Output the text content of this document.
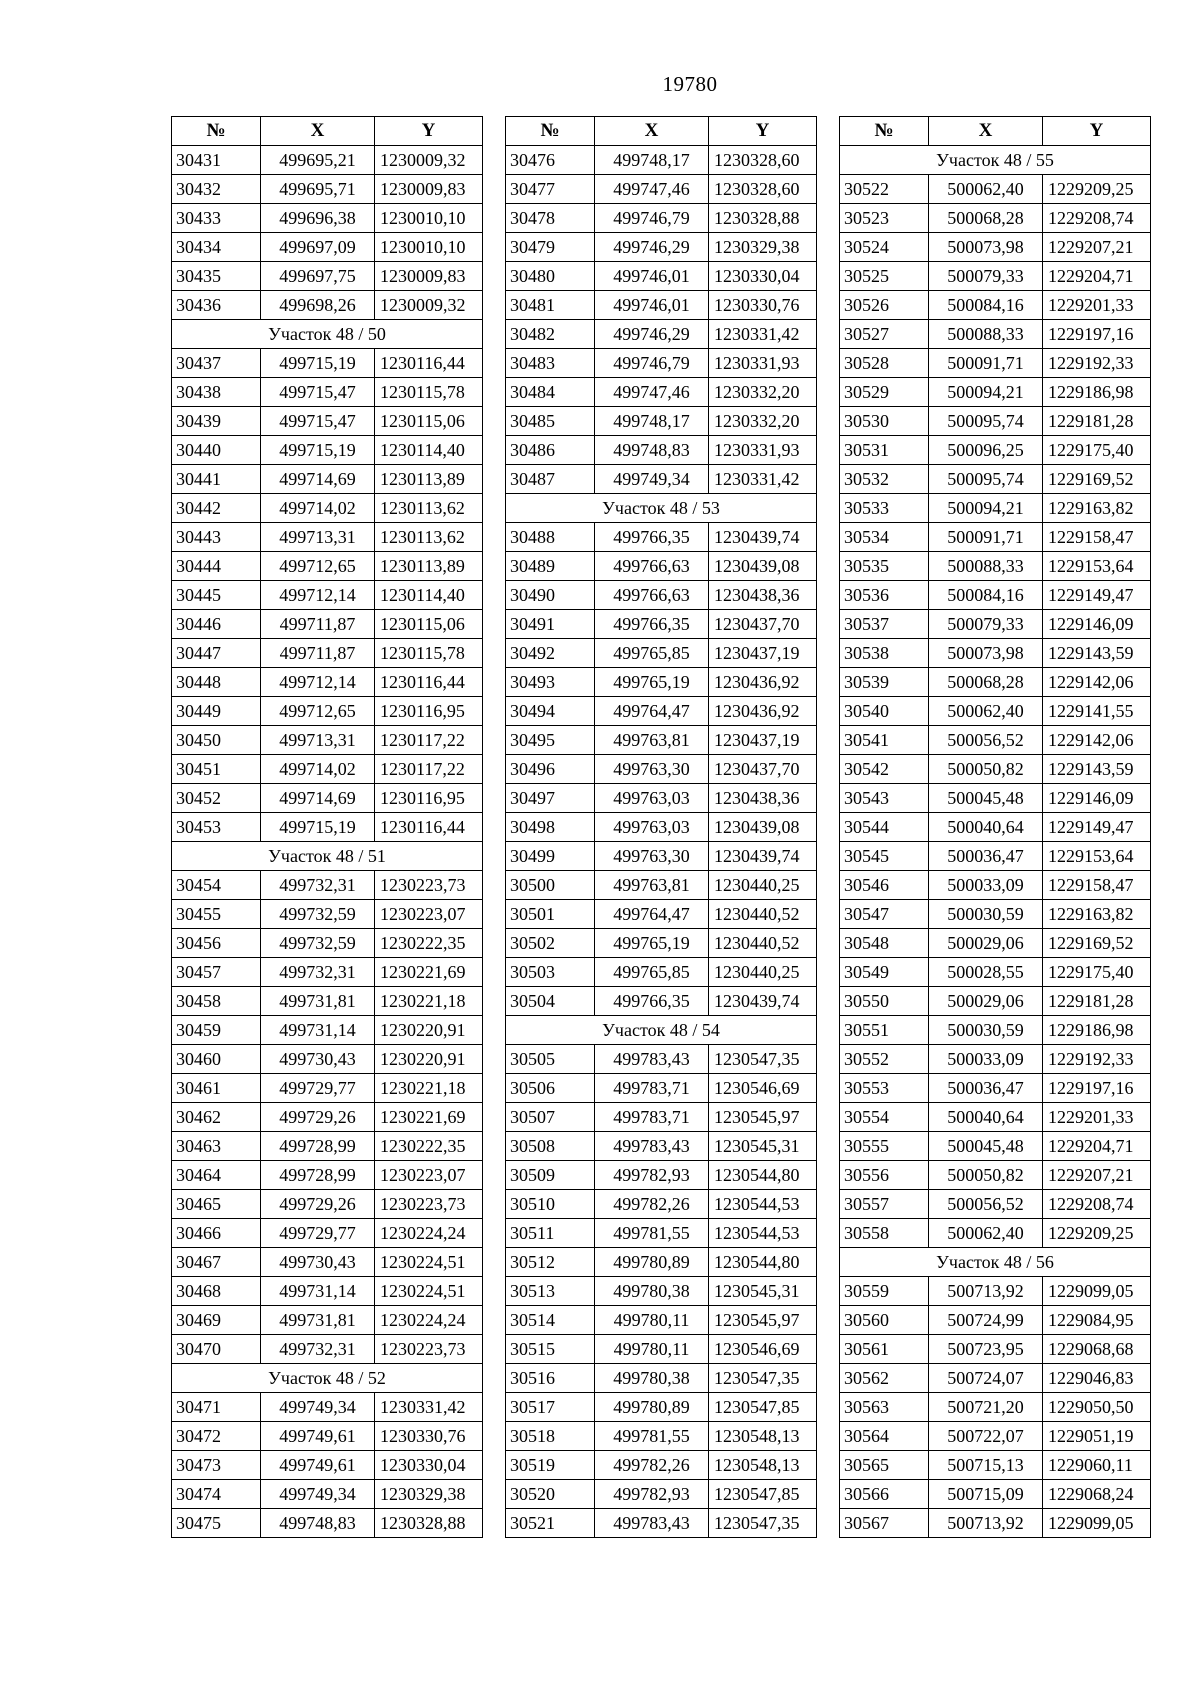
19780
№	X	Y
30431	499695,21	1230009,32
30432	499695,71	1230009,83
30433	499696,38	1230010,10
30434	499697,09	1230010,10
30435	499697,75	1230009,83
30436	499698,26	1230009,32
Участок 48 / 50		
30437	499715,19	1230116,44
30438	499715,47	1230115,78
30439	499715,47	1230115,06
30440	499715,19	1230114,40
30441	499714,69	1230113,89
30442	499714,02	1230113,62
30443	499713,31	1230113,62
30444	499712,65	1230113,89
30445	499712,14	1230114,40
30446	499711,87	1230115,06
30447	499711,87	1230115,78
30448	499712,14	1230116,44
30449	499712,65	1230116,95
30450	499713,31	1230117,22
30451	499714,02	1230117,22
30452	499714,69	1230116,95
30453	499715,19	1230116,44
Участок 48 / 51		
30454	499732,31	1230223,73
30455	499732,59	1230223,07
30456	499732,59	1230222,35
30457	499732,31	1230221,69
30458	499731,81	1230221,18
30459	499731,14	1230220,91
30460	499730,43	1230220,91
30461	499729,77	1230221,18
30462	499729,26	1230221,69
30463	499728,99	1230222,35
30464	499728,99	1230223,07
30465	499729,26	1230223,73
30466	499729,77	1230224,24
30467	499730,43	1230224,51
30468	499731,14	1230224,51
30469	499731,81	1230224,24
30470	499732,31	1230223,73
Участок 48 / 52		
30471	499749,34	1230331,42
30472	499749,61	1230330,76
30473	499749,61	1230330,04
30474	499749,34	1230329,38
30475	499748,83	1230328,88
№	X	Y
30476	499748,17	1230328,60
30477	499747,46	1230328,60
30478	499746,79	1230328,88
30479	499746,29	1230329,38
30480	499746,01	1230330,04
30481	499746,01	1230330,76
30482	499746,29	1230331,42
30483	499746,79	1230331,93
30484	499747,46	1230332,20
30485	499748,17	1230332,20
30486	499748,83	1230331,93
30487	499749,34	1230331,42
Участок 48 / 53		
30488	499766,35	1230439,74
30489	499766,63	1230439,08
30490	499766,63	1230438,36
30491	499766,35	1230437,70
30492	499765,85	1230437,19
30493	499765,19	1230436,92
30494	499764,47	1230436,92
30495	499763,81	1230437,19
30496	499763,30	1230437,70
30497	499763,03	1230438,36
30498	499763,03	1230439,08
30499	499763,30	1230439,74
30500	499763,81	1230440,25
30501	499764,47	1230440,52
30502	499765,19	1230440,52
30503	499765,85	1230440,25
30504	499766,35	1230439,74
Участок 48 / 54		
30505	499783,43	1230547,35
30506	499783,71	1230546,69
30507	499783,71	1230545,97
30508	499783,43	1230545,31
30509	499782,93	1230544,80
30510	499782,26	1230544,53
30511	499781,55	1230544,53
30512	499780,89	1230544,80
30513	499780,38	1230545,31
30514	499780,11	1230545,97
30515	499780,11	1230546,69
30516	499780,38	1230547,35
30517	499780,89	1230547,85
30518	499781,55	1230548,13
30519	499782,26	1230548,13
30520	499782,93	1230547,85
30521	499783,43	1230547,35
№	X	Y
Участок 48 / 55		
30522	500062,40	1229209,25
30523	500068,28	1229208,74
30524	500073,98	1229207,21
30525	500079,33	1229204,71
30526	500084,16	1229201,33
30527	500088,33	1229197,16
30528	500091,71	1229192,33
30529	500094,21	1229186,98
30530	500095,74	1229181,28
30531	500096,25	1229175,40
30532	500095,74	1229169,52
30533	500094,21	1229163,82
30534	500091,71	1229158,47
30535	500088,33	1229153,64
30536	500084,16	1229149,47
30537	500079,33	1229146,09
30538	500073,98	1229143,59
30539	500068,28	1229142,06
30540	500062,40	1229141,55
30541	500056,52	1229142,06
30542	500050,82	1229143,59
30543	500045,48	1229146,09
30544	500040,64	1229149,47
30545	500036,47	1229153,64
30546	500033,09	1229158,47
30547	500030,59	1229163,82
30548	500029,06	1229169,52
30549	500028,55	1229175,40
30550	500029,06	1229181,28
30551	500030,59	1229186,98
30552	500033,09	1229192,33
30553	500036,47	1229197,16
30554	500040,64	1229201,33
30555	500045,48	1229204,71
30556	500050,82	1229207,21
30557	500056,52	1229208,74
30558	500062,40	1229209,25
Участок 48 / 56		
30559	500713,92	1229099,05
30560	500724,99	1229084,95
30561	500723,95	1229068,68
30562	500724,07	1229046,83
30563	500721,20	1229050,50
30564	500722,07	1229051,19
30565	500715,13	1229060,11
30566	500715,09	1229068,24
30567	500713,92	1229099,05
